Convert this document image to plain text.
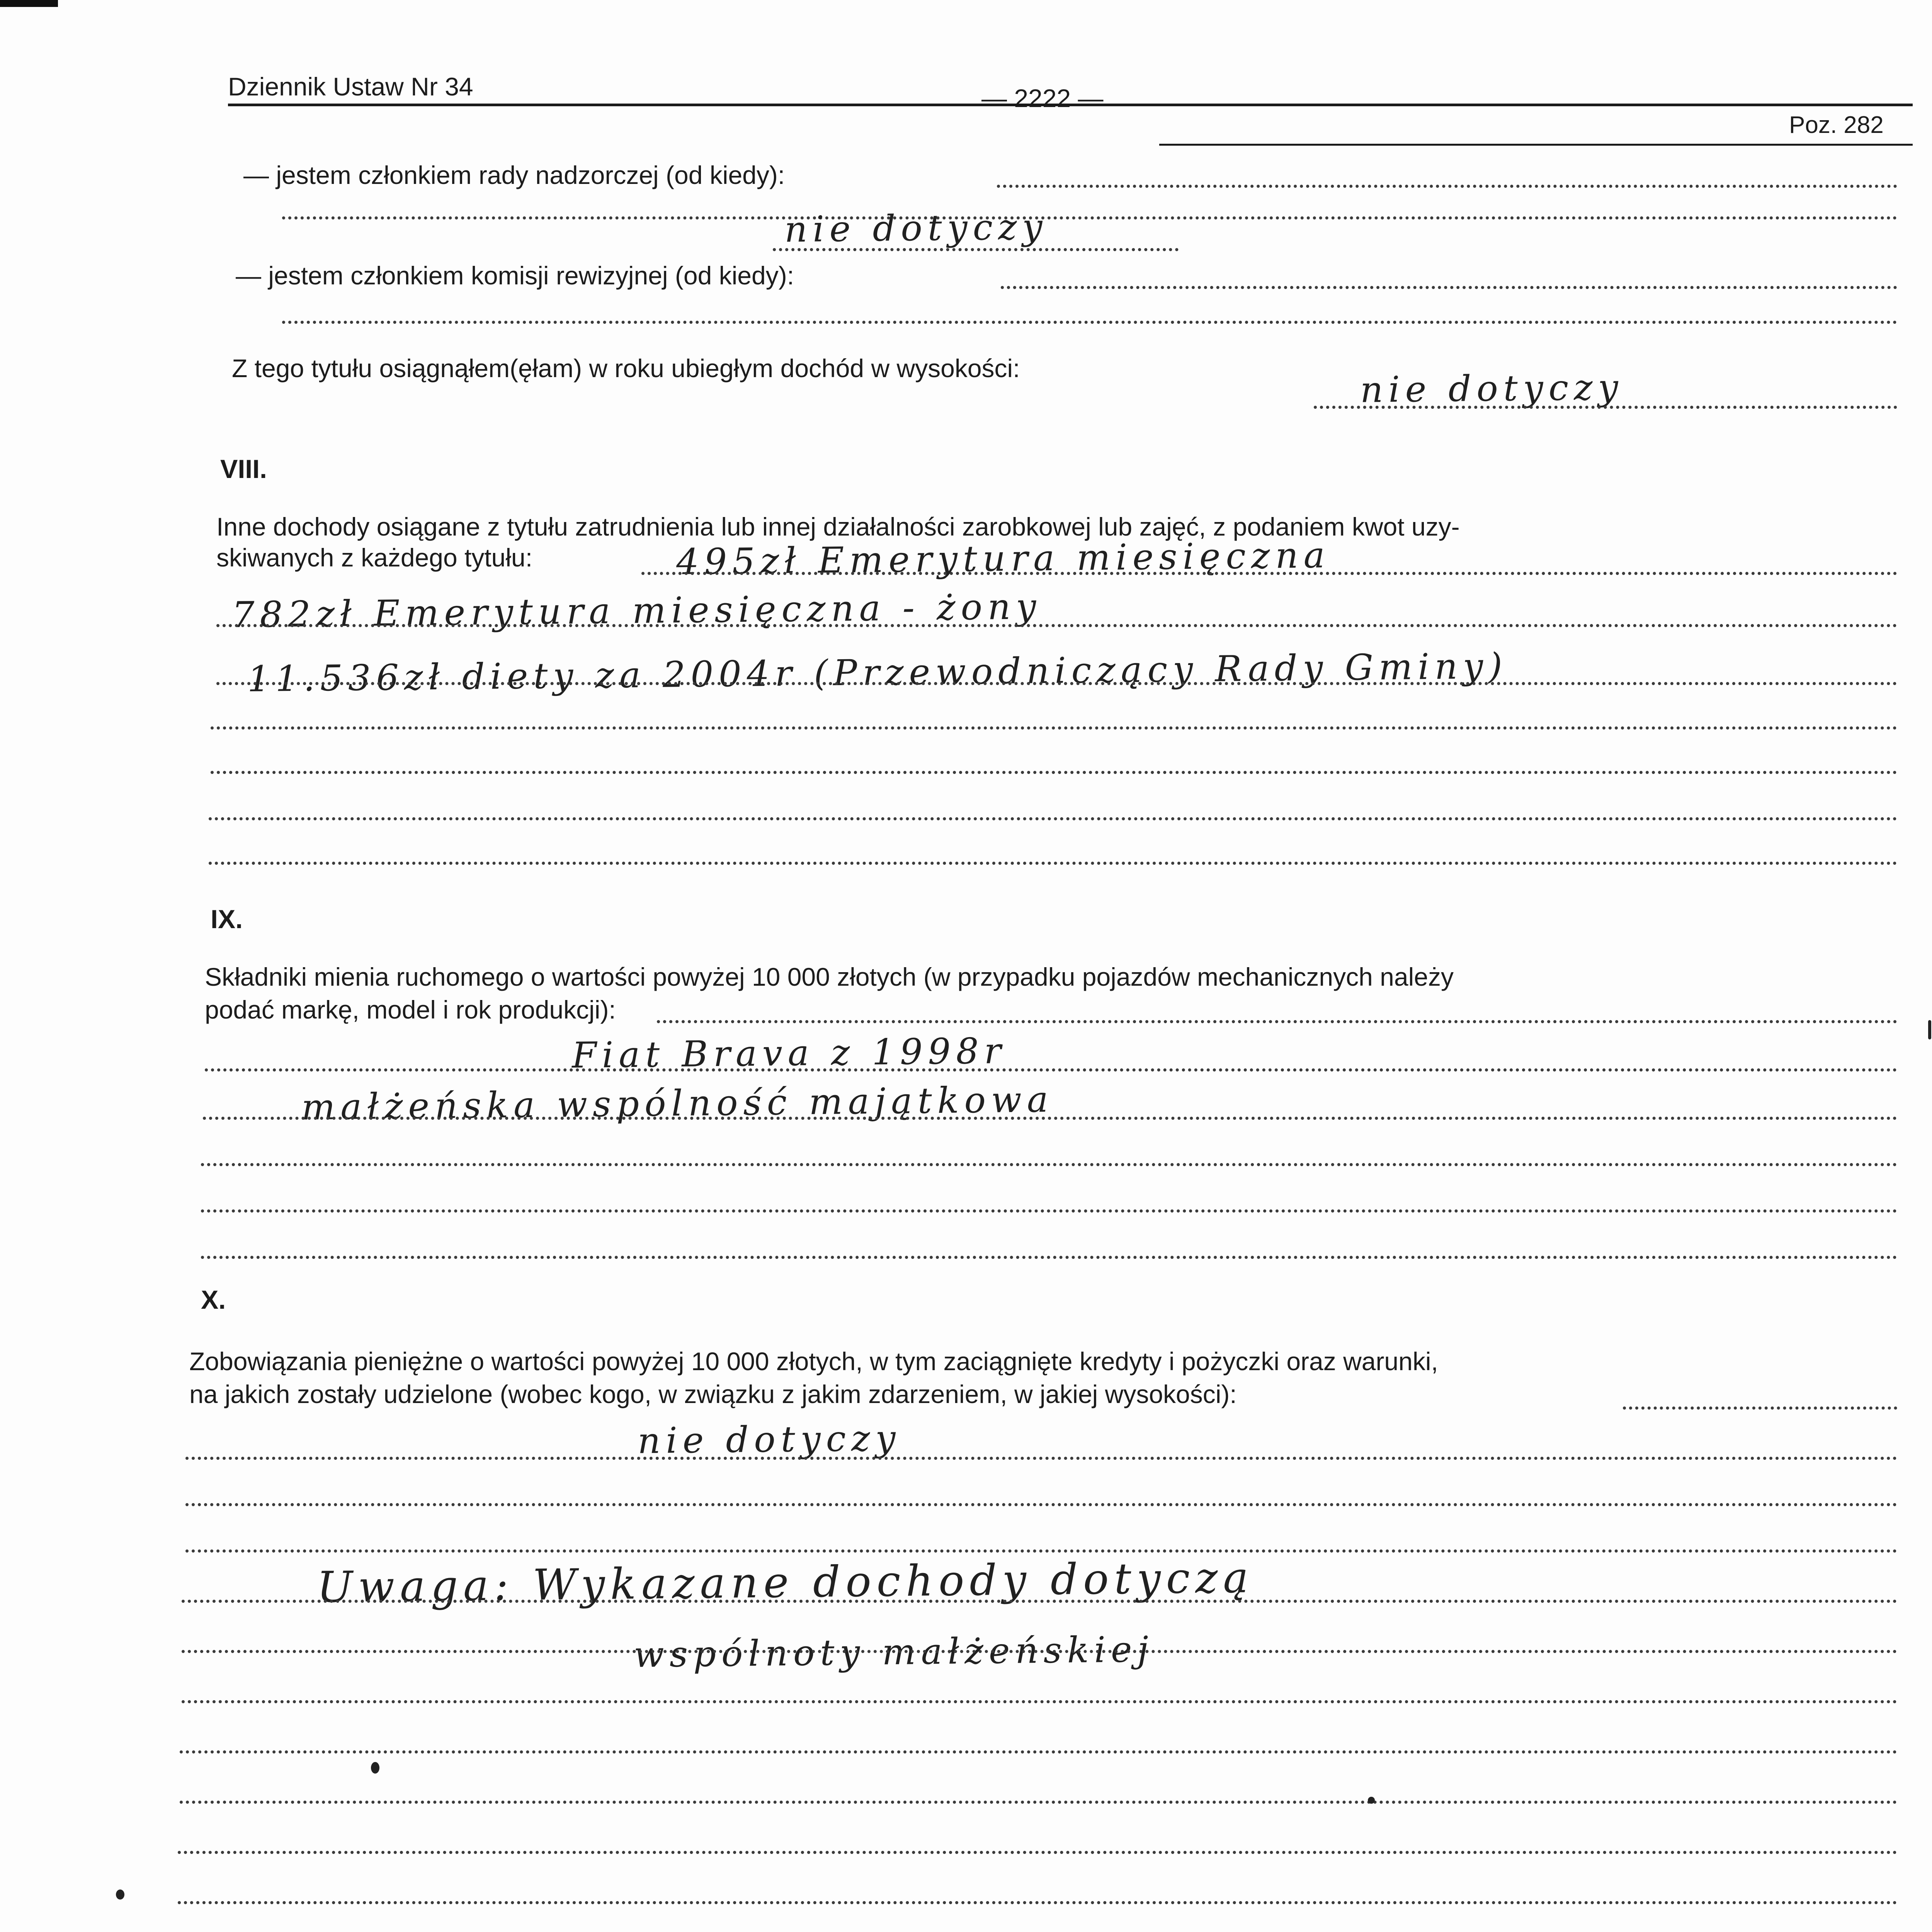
Dziennik Ustaw Nr 34	— 2222 —
Poz. 282
— jestem członkiem rady nadzorczej (od kiedy):
nie dotyczy
— jestem członkiem komisji rewizyjnej (od kiedy):
Z tego tytułu osiągnąłem(ęłam) w roku ubiegłym dochód w wysokości:	nie dotyczy
VIII.
Inne dochody osiągane z tytułu zatrudnienia lub innej działalności zarobkowej lub zajęć, z podaniem kwot uzy-
skiwanych z każdego tytułu:	495zł Emerytura miesięczna
782zł Emerytura miesięczna - żony
11.536zł diety za 2004r (Przewodniczący Rady Gminy)
IX.
Składniki mienia ruchomego o wartości powyżej 10 000 złotych (w przypadku pojazdów mechanicznych należy
podać markę, model i rok produkcji):
Fiat Brava z 1998r
małżeńska wspólność majątkowa
X.
Zobowiązania pieniężne o wartości powyżej 10 000 złotych, w tym zaciągnięte kredyty i pożyczki oraz warunki,
na jakich zostały udzielone (wobec kogo, w związku z jakim zdarzeniem, w jakiej wysokości):
nie dotyczy
Uwaga: Wykazane dochody dotyczą
wspólnoty małżeńskiej
